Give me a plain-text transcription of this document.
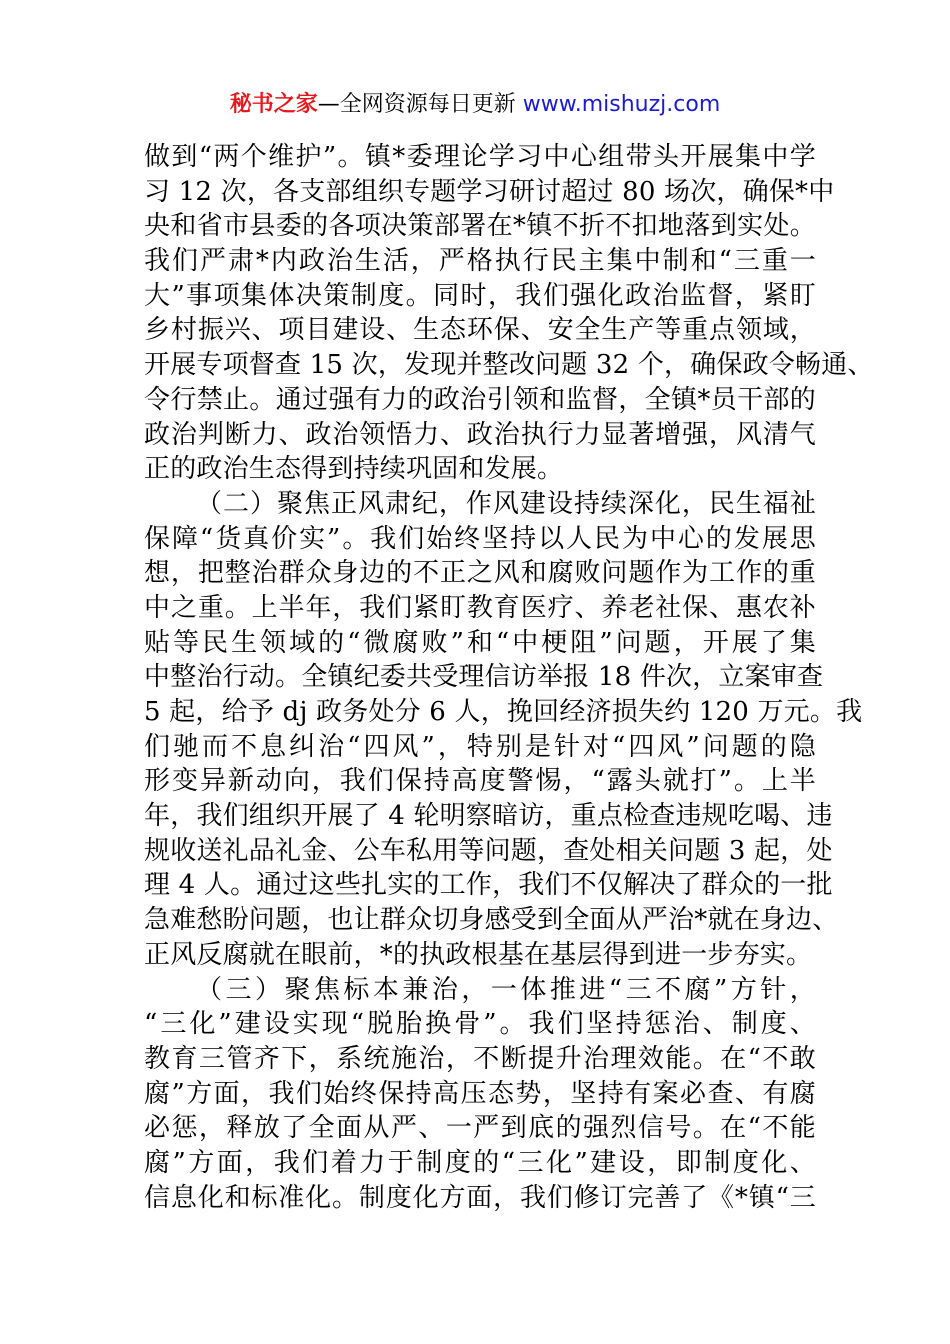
秘书之家—全网资源每日更新 www.mishuzj.com
做到“两个维护”。镇*委理论学习中心组带头开展集中学
习 12 次，各支部组织专题学习研讨超过 80 场次，确保*中
央和省市县委的各项决策部署在*镇不折不扣地落到实处。
我们严肃*内政治生活，严格执行民主集中制和“三重一
大”事项集体决策制度。同时，我们强化政治监督，紧盯
乡村振兴、项目建设、生态环保、安全生产等重点领域，
开展专项督查 15 次，发现并整改问题 32 个，确保政令畅通、
令行禁止。通过强有力的政治引领和监督，全镇*员干部的
政治判断力、政治领悟力、政治执行力显著增强，风清气
正的政治生态得到持续巩固和发展。
（二）聚焦正风肃纪，作风建设持续深化，民生福祉
保障“货真价实”。我们始终坚持以人民为中心的发展思
想，把整治群众身边的不正之风和腐败问题作为工作的重
中之重。上半年，我们紧盯教育医疗、养老社保、惠农补
贴等民生领域的“微腐败”和“中梗阻”问题，开展了集
中整治行动。全镇纪委共受理信访举报 18 件次，立案审查
5 起，给予 dj 政务处分 6 人，挽回经济损失约 120 万元。我
们驰而不息纠治“四风”，特别是针对“四风”问题的隐
形变异新动向，我们保持高度警惕，“露头就打”。上半
年，我们组织开展了 4 轮明察暗访，重点检查违规吃喝、违
规收送礼品礼金、公车私用等问题，查处相关问题 3 起，处
理 4 人。通过这些扎实的工作，我们不仅解决了群众的一批
急难愁盼问题，也让群众切身感受到全面从严治*就在身边、
正风反腐就在眼前，*的执政根基在基层得到进一步夯实。
（三）聚焦标本兼治，一体推进“三不腐”方针，
“三化”建设实现“脱胎换骨”。我们坚持惩治、制度、
教育三管齐下，系统施治，不断提升治理效能。在“不敢
腐”方面，我们始终保持高压态势，坚持有案必查、有腐
必惩，释放了全面从严、一严到底的强烈信号。在“不能
腐”方面，我们着力于制度的“三化”建设，即制度化、
信息化和标准化。制度化方面，我们修订完善了《*镇“三
